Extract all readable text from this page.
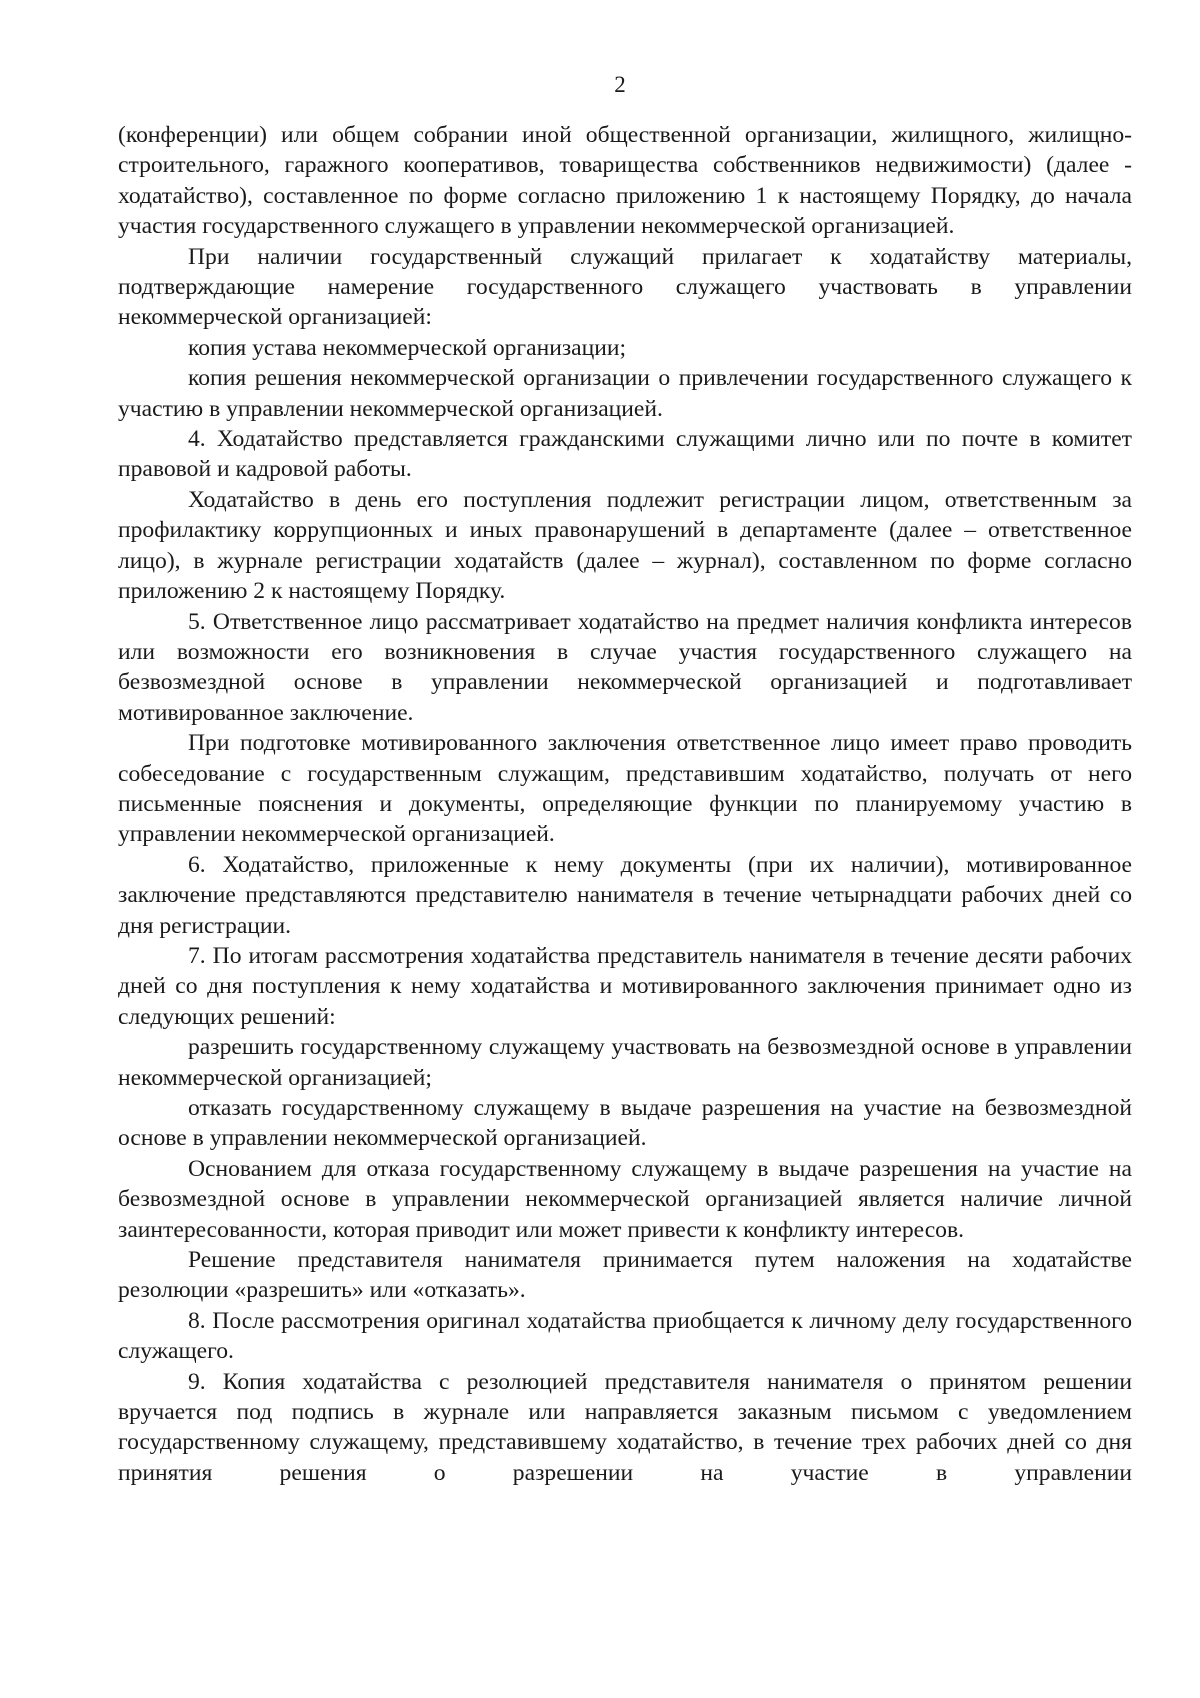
2

(конференции) или общем собрании иной общественной организации, жилищного, жилищно-строительного, гаражного кооперативов, товарищества собственников недвижимости) (далее - ходатайство), составленное по форме согласно приложению 1 к настоящему Порядку, до начала участия государственного служащего в управлении некоммерческой организацией.

При наличии государственный служащий прилагает к ходатайству материалы, подтверждающие намерение государственного служащего участвовать в управлении некоммерческой организацией:

копия устава некоммерческой организации;

копия решения некоммерческой организации о привлечении государственного служащего к участию в управлении некоммерческой организацией.

4. Ходатайство представляется гражданскими служащими лично или по почте в комитет правовой и кадровой работы.

Ходатайство в день его поступления подлежит регистрации лицом, ответственным за профилактику коррупционных и иных правонарушений в департаменте (далее – ответственное лицо), в журнале регистрации ходатайств (далее – журнал), составленном по форме согласно приложению 2 к настоящему Порядку.

5. Ответственное лицо рассматривает ходатайство на предмет наличия конфликта интересов или возможности его возникновения в случае участия государственного служащего на безвозмездной основе в управлении некоммерческой организацией и подготавливает мотивированное заключение.

При подготовке мотивированного заключения ответственное лицо имеет право проводить собеседование с государственным служащим, представившим ходатайство, получать от него письменные пояснения и документы, определяющие функции по планируемому участию в управлении некоммерческой организацией.

6. Ходатайство, приложенные к нему документы (при их наличии), мотивированное заключение представляются представителю нанимателя в течение четырнадцати рабочих дней со дня регистрации.

7. По итогам рассмотрения ходатайства представитель нанимателя в течение десяти рабочих дней со дня поступления к нему ходатайства и мотивированного заключения принимает одно из следующих решений:

разрешить государственному служащему участвовать на безвозмездной основе в управлении некоммерческой организацией;

отказать государственному служащему в выдаче разрешения на участие на безвозмездной основе в управлении некоммерческой организацией.

Основанием для отказа государственному служащему в выдаче разрешения на участие на безвозмездной основе в управлении некоммерческой организацией является наличие личной заинтересованности, которая приводит или может привести к конфликту интересов.

Решение представителя нанимателя принимается путем наложения на ходатайстве резолюции «разрешить» или «отказать».

8. После рассмотрения оригинал ходатайства приобщается к личному делу государственного служащего.

9. Копия ходатайства с резолюцией представителя нанимателя о принятом решении вручается под подпись в журнале или направляется заказным письмом с уведомлением государственному служащему, представившему ходатайство, в течение трех рабочих дней со дня принятия решения о разрешении на участие в управлении
